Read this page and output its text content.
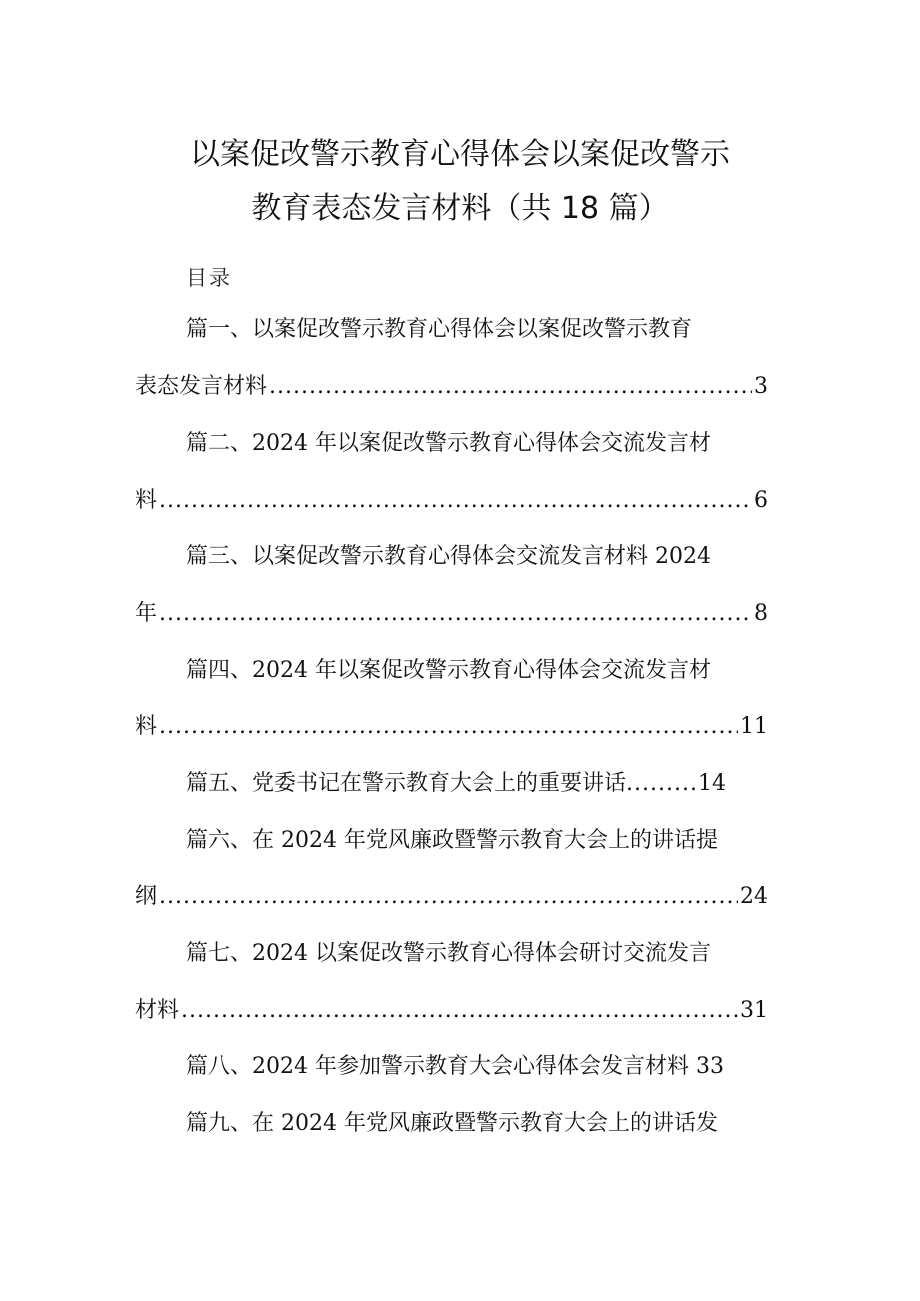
以案促改警示教育心得体会以案促改警示
教育表态发言材料（共 18 篇）
目录
篇一、以案促改警示教育心得体会以案促改警示教育
表态发言材料 .....	3
篇二、2024 年以案促改警示教育心得体会交流发言材
料 .....	6
篇三、以案促改警示教育心得体会交流发言材料 2024
年 .....	8
篇四、2024 年以案促改警示教育心得体会交流发言材
料 .....	11
篇五、党委书记在警示教育大会上的重要讲话.........14
篇六、在 2024 年党风廉政暨警示教育大会上的讲话提
纲 .....	24
篇七、2024 以案促改警示教育心得体会研讨交流发言
材料 .....	31
篇八、2024 年参加警示教育大会心得体会发言材料 33
篇九、在 2024 年党风廉政暨警示教育大会上的讲话发
